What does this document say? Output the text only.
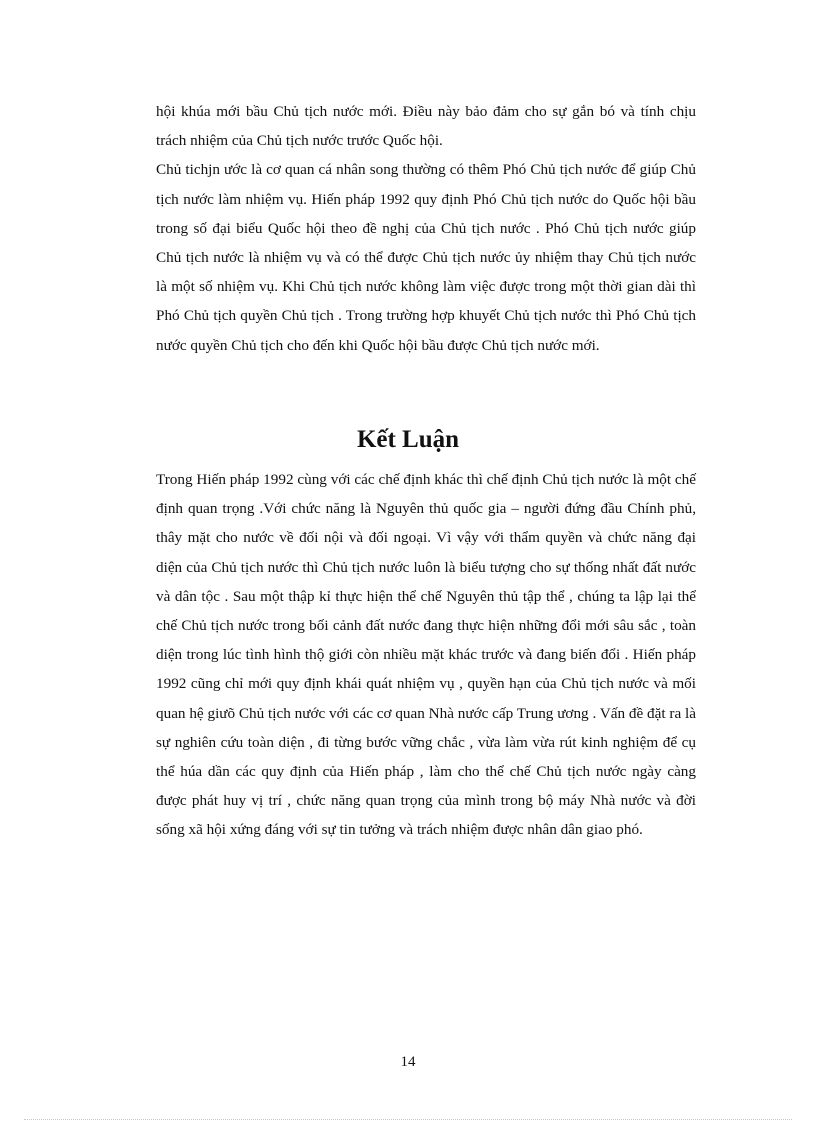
hội khúa mới bầu Chủ tịch nước mới. Điều này bảo đảm cho sự gắn bó và tính chịu trách nhiệm của Chủ tịch nước trước Quốc hội.

Chủ tichjn ước là cơ quan cá nhân song thường có thêm Phó Chủ tịch nước để giúp Chủ tịch nước làm nhiệm vụ. Hiến pháp 1992 quy định Phó Chủ tịch nước do Quốc hội bầu trong số đại biểu Quốc hội theo đề nghị của Chủ tịch nước . Phó Chủ tịch nước giúp Chủ tịch nước là nhiệm vụ và có thể được Chủ tịch nước ủy nhiệm thay Chủ tịch nước là một số nhiệm vụ. Khi Chủ tịch nước không làm việc được trong một thời gian dài thì Phó Chủ tịch quyền Chủ tịch . Trong trường hợp khuyết Chủ tịch nước thì Phó Chủ tịch nước quyền Chủ tịch cho đến khi Quốc hội bầu được Chủ tịch nước mới.

Kết Luận

Trong Hiến pháp 1992 cùng với các chế định khác thì chế định Chủ tịch nước là một chế định quan trọng .Với chức năng là Nguyên thủ quốc gia – người đứng đầu Chính phủ, thây mặt cho nước về đối nội và đối ngoại. Vì vậy với thẩm quyền và chức năng đại diện của Chủ tịch nước thì Chủ tịch nước luôn là biểu tượng cho sự thống nhất đất nước và dân tộc . Sau một thập kỉ thực hiện thể chế Nguyên thủ tập thể , chúng ta lập lại thể chế Chủ tịch nước trong bối cảnh đất nước đang thực hiện những đổi mới sâu sắc , toàn diện trong lúc tình hình thộ giới còn nhiều mặt khác trước và đang biến đổi . Hiến pháp 1992 cũng chỉ mới quy định khái quát nhiệm vụ , quyền hạn của Chủ tịch nước và mối quan hệ giưõ Chủ tịch nước với các cơ quan Nhà nước cấp Trung ương . Vấn đề đặt ra là sự nghiên cứu toàn diện , đi từng bước vững chắc , vừa làm vừa rút kinh nghiệm để cụ thể húa dần các quy định của Hiến pháp , làm cho thể chế Chủ tịch nước ngày càng được phát huy vị trí , chức năng quan trọng của mình trong bộ máy Nhà nước và đời sống xã hội xứng đáng với sự tin tưởng và trách nhiệm được nhân dân giao phó.

14
